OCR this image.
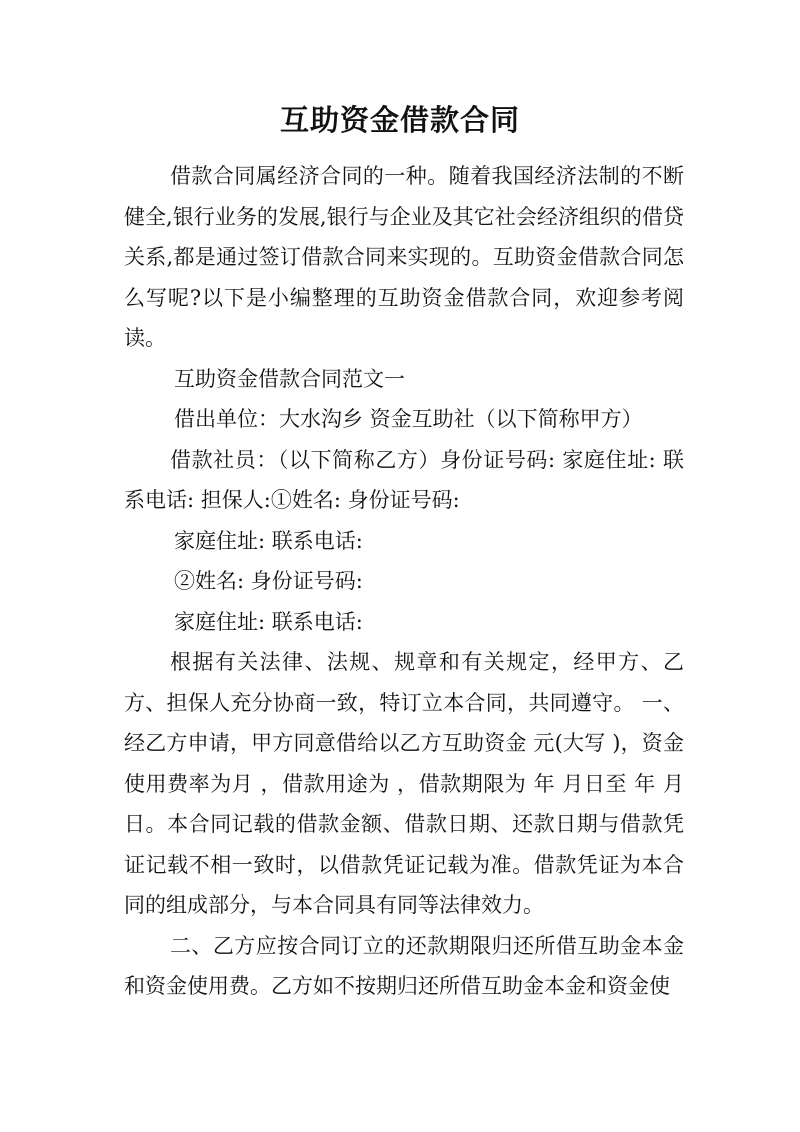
互助资金借款合同

借款合同属经济合同的一种。随着我国经济法制的不断健全,银行业务的发展,银行与企业及其它社会经济组织的借贷关系,都是通过签订借款合同来实现的。互助资金借款合同怎么写呢?以下是小编整理的互助资金借款合同，欢迎参考阅读。

互助资金借款合同范文一

借出单位：大水沟乡 资金互助社（以下简称甲方）

借款社员：（以下简称乙方）身份证号码: 家庭住址: 联系电话: 担保人:①姓名: 身份证号码:

家庭住址: 联系电话:

②姓名: 身份证号码:

家庭住址: 联系电话:

根据有关法律、法规、规章和有关规定，经甲方、乙方、担保人充分协商一致，特订立本合同，共同遵守。 一、经乙方申请，甲方同意借给以乙方互助资金 元(大写 )，资金使用费率为月 ，借款用途为 ，借款期限为 年 月日至 年 月日。本合同记载的借款金额、借款日期、还款日期与借款凭证记载不相一致时，以借款凭证记载为准。借款凭证为本合同的组成部分，与本合同具有同等法律效力。

二、乙方应按合同订立的还款期限归还所借互助金本金和资金使用费。乙方如不按期归还所借互助金本金和资金使
